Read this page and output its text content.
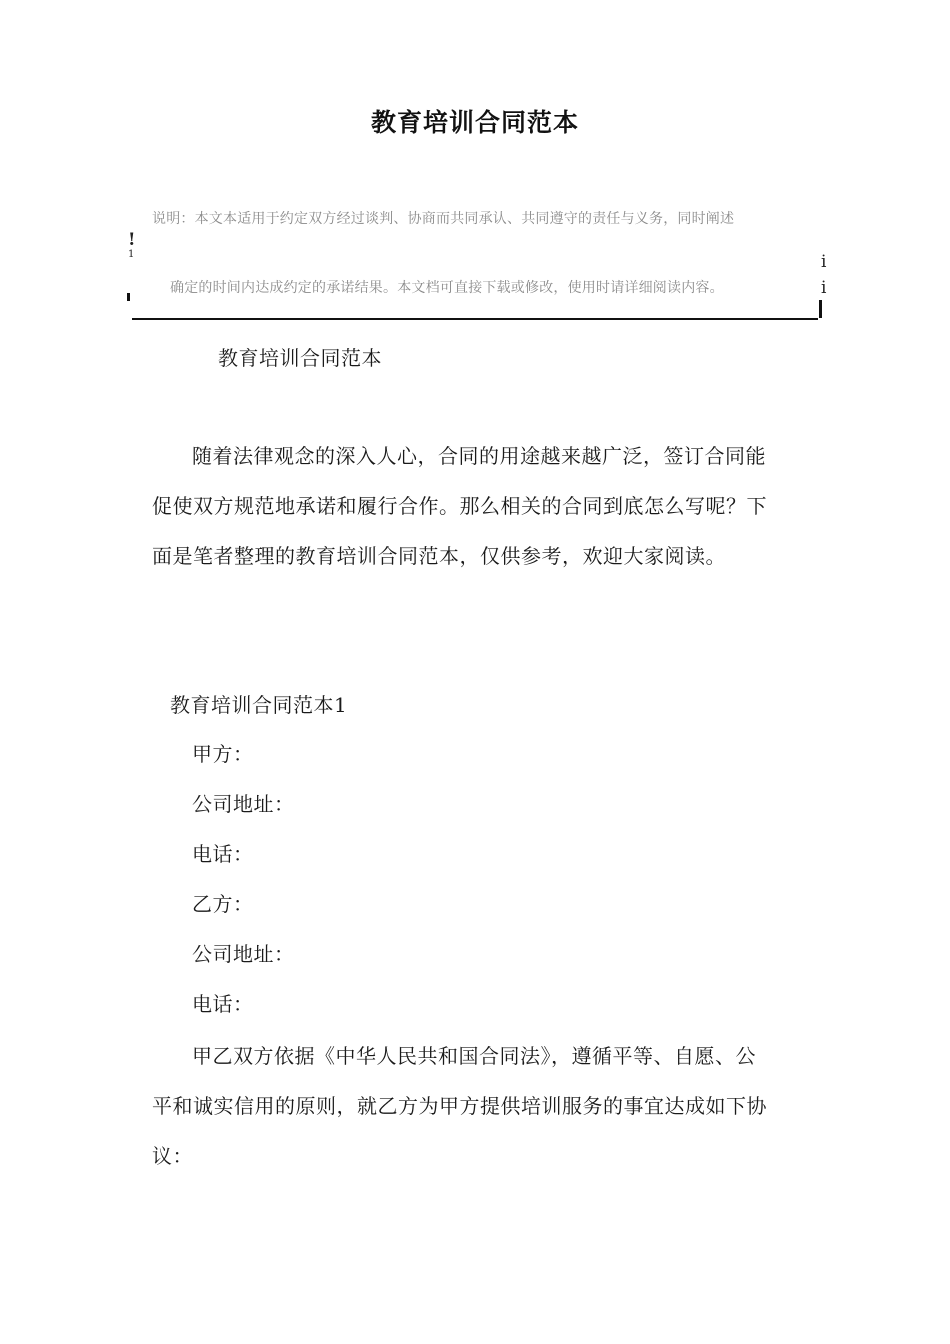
教育培训合同范本
说明：本文本适用于约定双方经过谈判、协商而共同承认、共同遵守的责任与义务，同时阐述
!
1	i
确定的时间内达成约定的承诺结果。本文档可直接下载或修改，使用时请详细阅读内容。	i
教育培训合同范本
随着法律观念的深入人心，合同的用途越来越广泛，签订合同能
促使双方规范地承诺和履行合作。那么相关的合同到底怎么写呢？下
面是笔者整理的教育培训合同范本，仅供参考，欢迎大家阅读。
教育培训合同范本1
甲方：
公司地址：
电话：
乙方：
公司地址：
电话：
甲乙双方依据《中华人民共和国合同法》，遵循平等、自愿、公
平和诚实信用的原则，就乙方为甲方提供培训服务的事宜达成如下协
议：
